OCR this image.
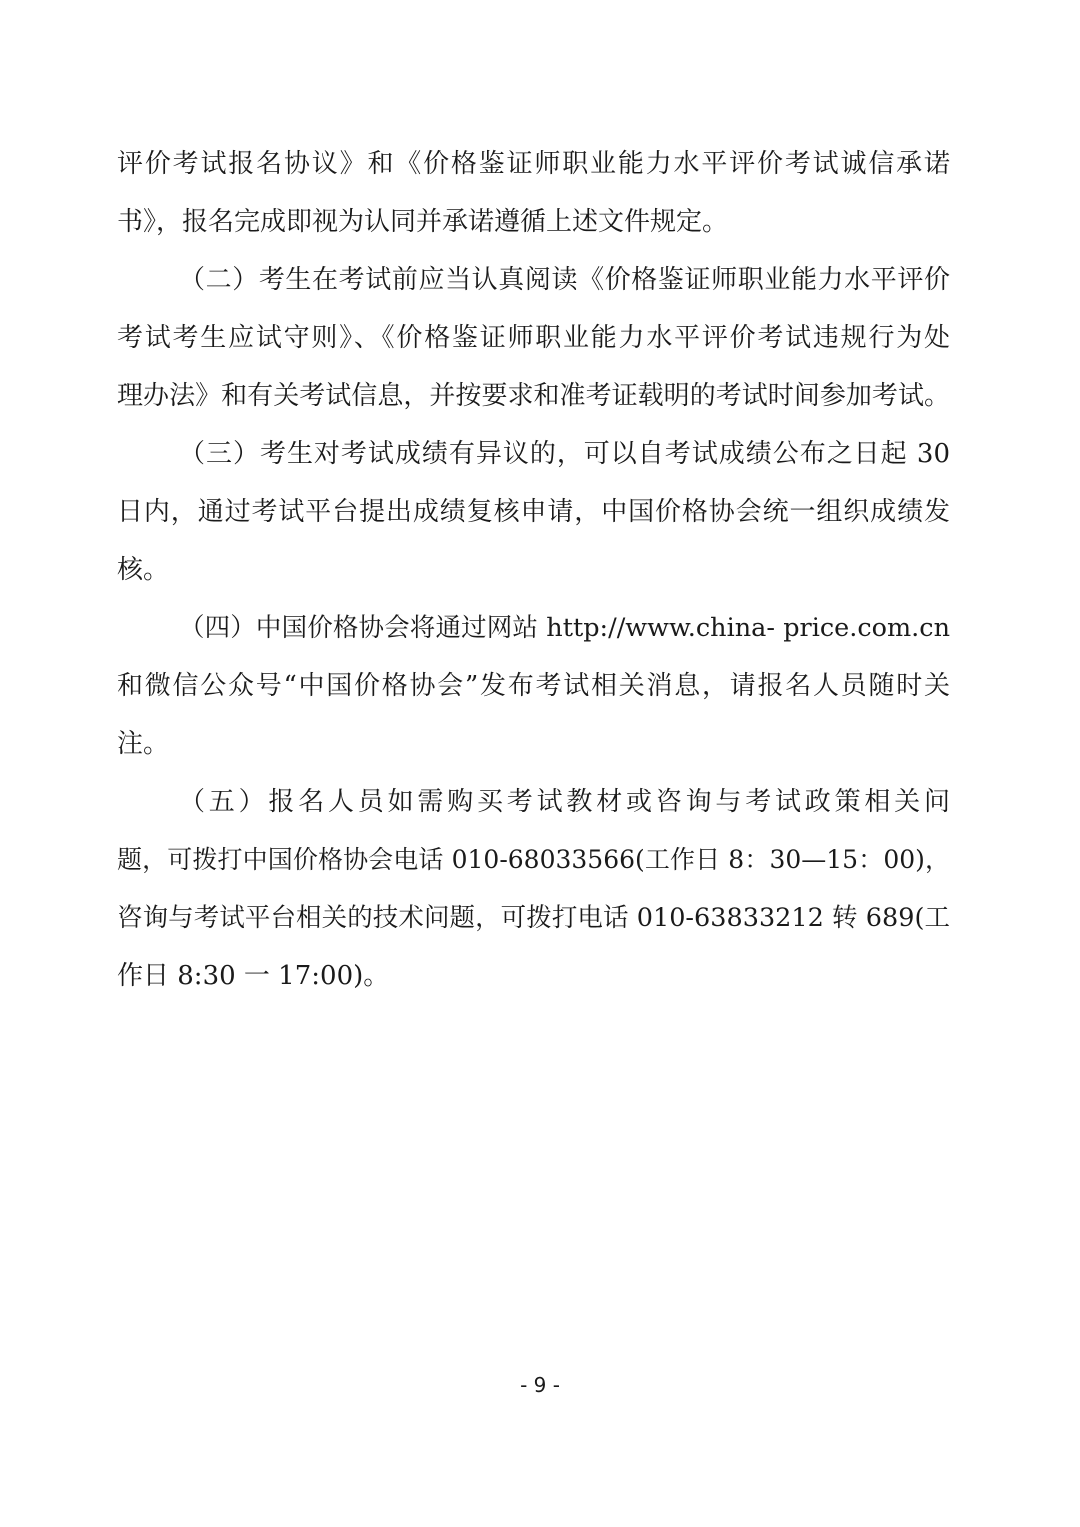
评价考试报名协议》和《价格鉴证师职业能力水平评价考试诚信承诺
书》，报名完成即视为认同并承诺遵循上述文件规定。
（二）考生在考试前应当认真阅读《价格鉴证师职业能力水平评价
考试考生应试守则》、《价格鉴证师职业能力水平评价考试违规行为处
理办法》和有关考试信息，并按要求和准考证载明的考试时间参加考试。
（三）考生对考试成绩有异议的，可以自考试成绩公布之日起 30
日内，通过考试平台提出成绩复核申请，中国价格协会统一组织成绩发
核。
（四）中国价格协会将通过网站 http://www.china- price.com.cn
和微信公众号“中国价格协会”发布考试相关消息，请报名人员随时关
注。
（五）报名人员如需购买考试教材或咨询与考试政策相关问
题，可拨打中国价格协会电话 010-68033566(工作日 8：30—15：00)，
咨询与考试平台相关的技术问题，可拨打电话 010-63833212 转 689(工
作日 8:30 一 17:00)。
- 9 -
